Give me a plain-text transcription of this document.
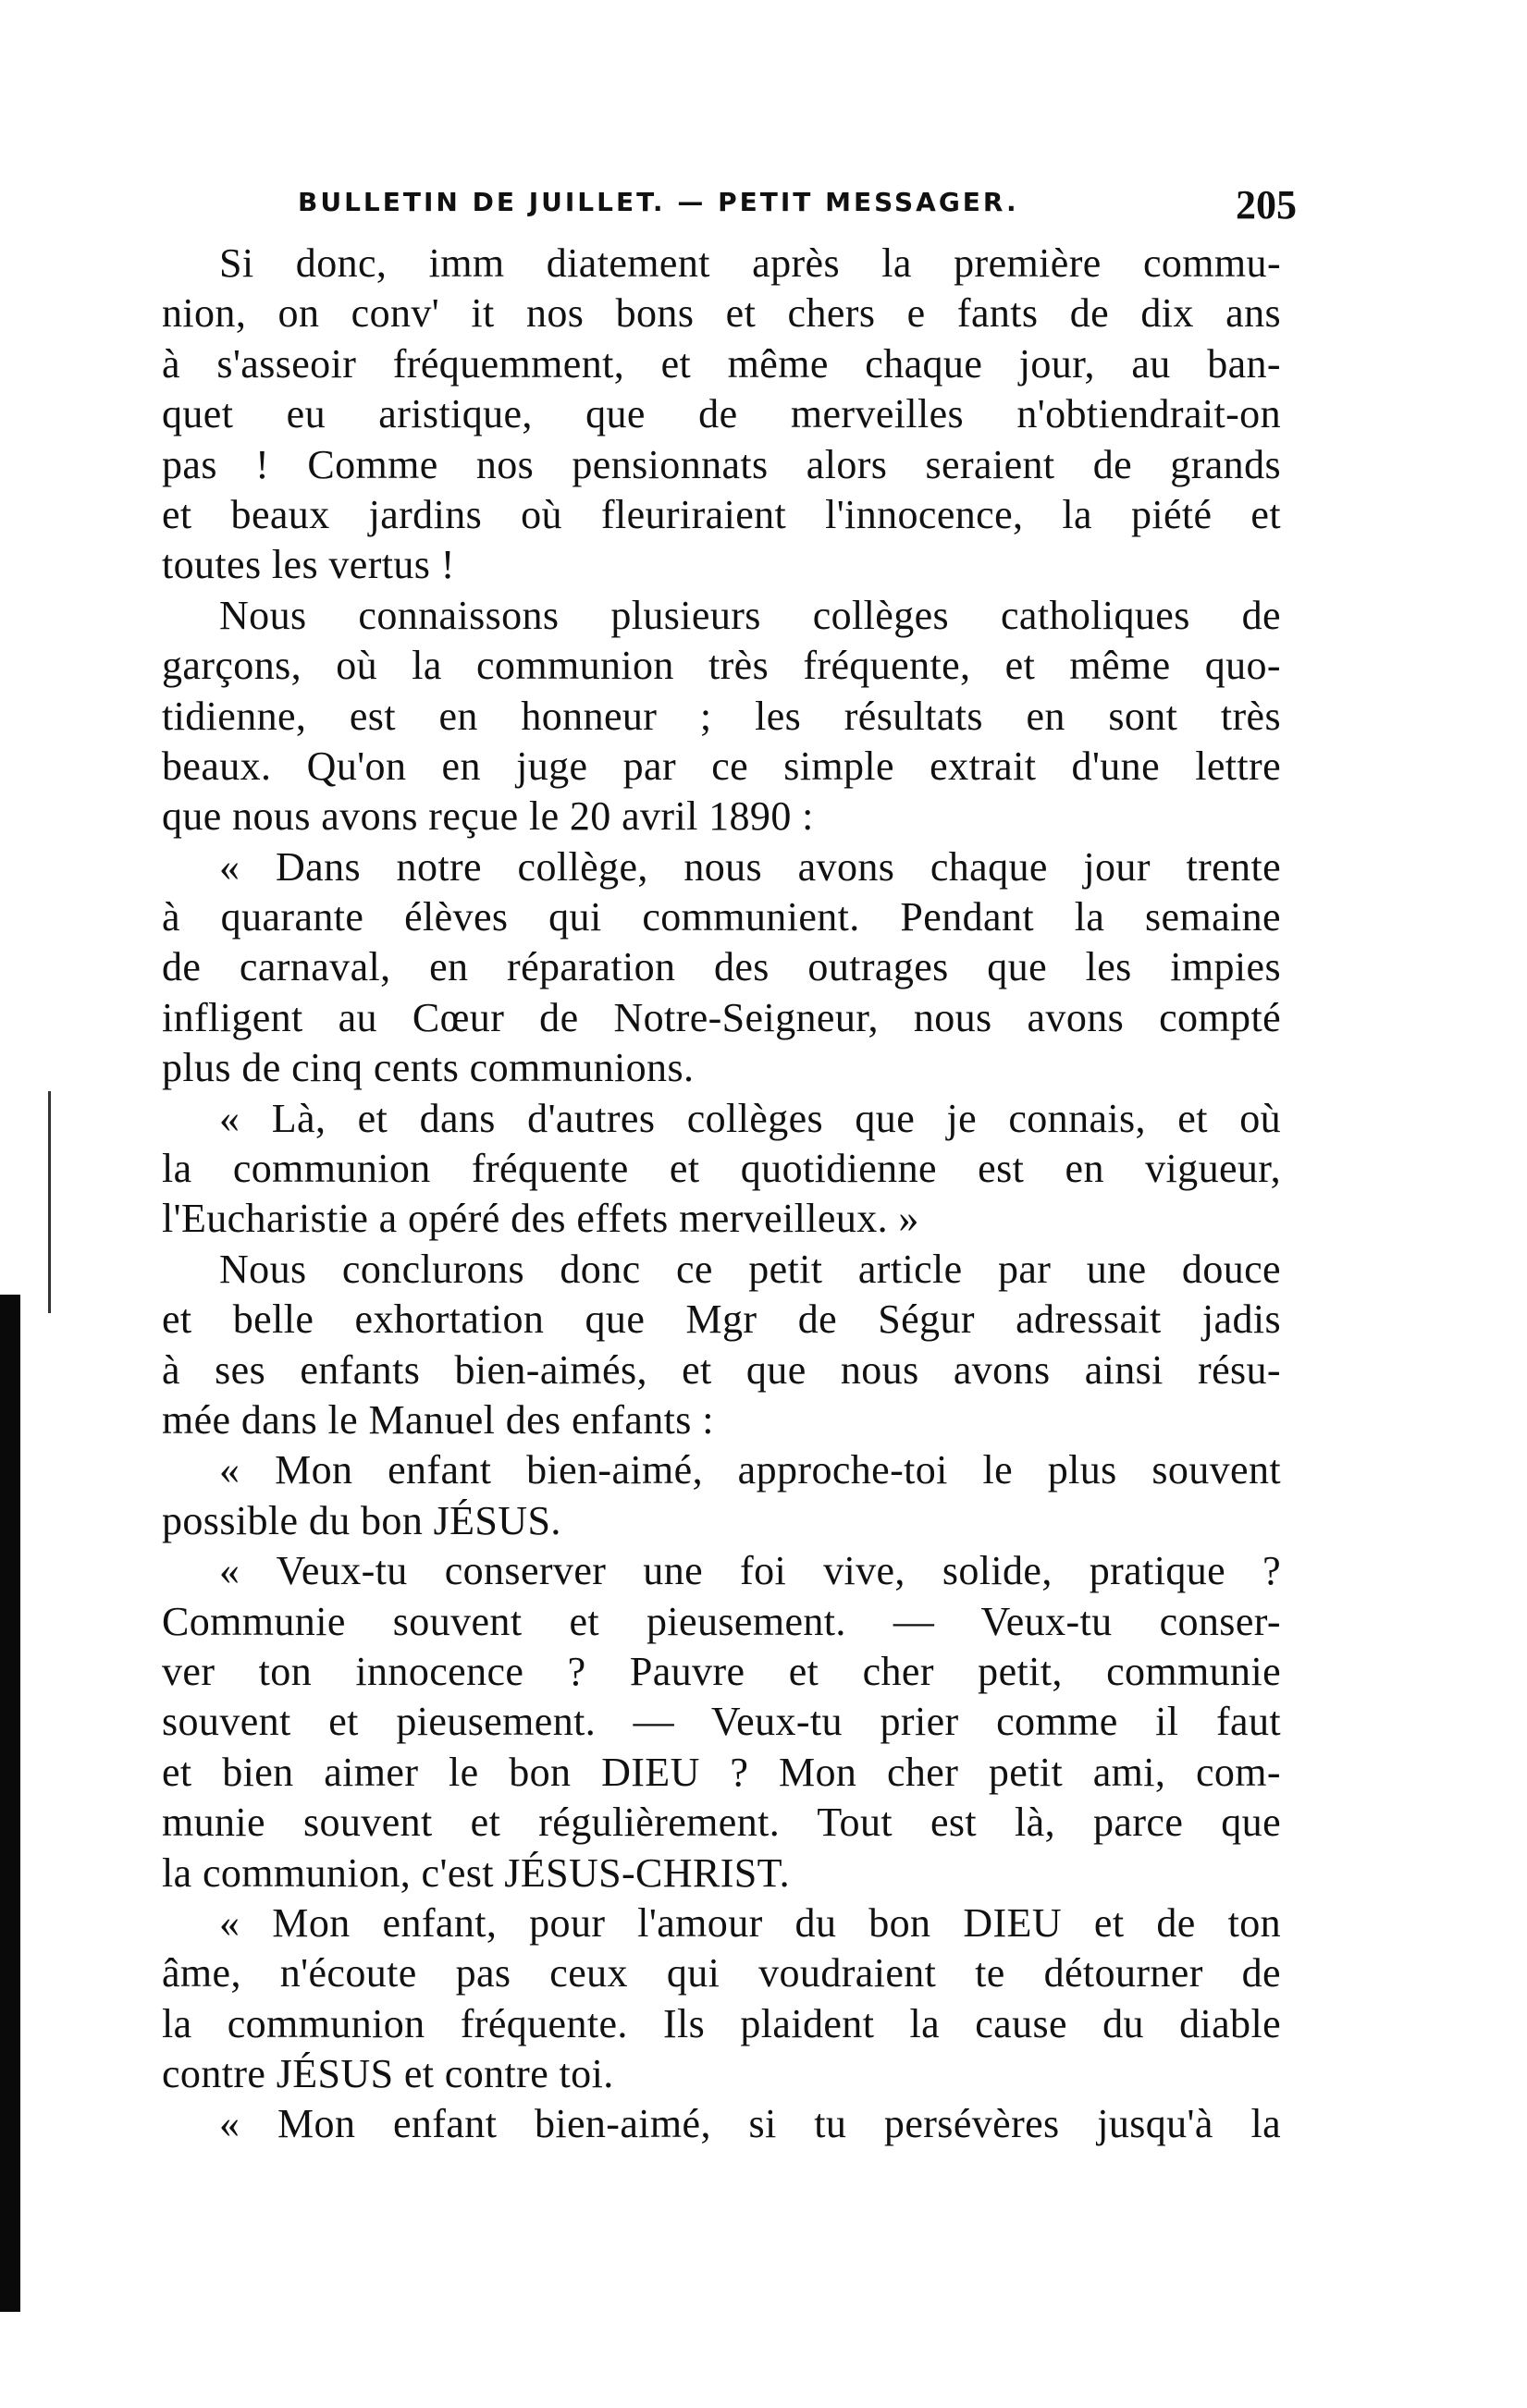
BULLETIN DE JUILLET. — PETIT MESSAGER.	205
Si donc, imm diatement après la première commu-
nion, on conv' it nos bons et chers e fants de dix ans
à s'asseoir fréquemment, et même chaque jour, au ban-
quet eu aristique, que de merveilles n'obtiendrait-on
pas ! Comme nos pensionnats alors seraient de grands
et beaux jardins où fleuriraient l'innocence, la piété et
toutes les vertus !
Nous connaissons plusieurs collèges catholiques de
garçons, où la communion très fréquente, et même quo-
tidienne, est en honneur ; les résultats en sont très
beaux. Qu'on en juge par ce simple extrait d'une lettre
que nous avons reçue le 20 avril 1890 :
« Dans notre collège, nous avons chaque jour trente
à quarante élèves qui communient. Pendant la semaine
de carnaval, en réparation des outrages que les impies
infligent au Cœur de Notre-Seigneur, nous avons compté
plus de cinq cents communions.
« Là, et dans d'autres collèges que je connais, et où
la communion fréquente et quotidienne est en vigueur,
l'Eucharistie a opéré des effets merveilleux. »
Nous conclurons donc ce petit article par une douce
et belle exhortation que Mgr de Ségur adressait jadis
à ses enfants bien-aimés, et que nous avons ainsi résu-
mée dans le Manuel des enfants :
« Mon enfant bien-aimé, approche-toi le plus souvent
possible du bon JÉSUS.
« Veux-tu conserver une foi vive, solide, pratique ?
Communie souvent et pieusement. — Veux-tu conser-
ver ton innocence ? Pauvre et cher petit, communie
souvent et pieusement. — Veux-tu prier comme il faut
et bien aimer le bon DIEU ? Mon cher petit ami, com-
munie souvent et régulièrement. Tout est là, parce que
la communion, c'est JÉSUS-CHRIST.
« Mon enfant, pour l'amour du bon DIEU et de ton
âme, n'écoute pas ceux qui voudraient te détourner de
la communion fréquente. Ils plaident la cause du diable
contre JÉSUS et contre toi.
« Mon enfant bien-aimé, si tu persévères jusqu'à la
